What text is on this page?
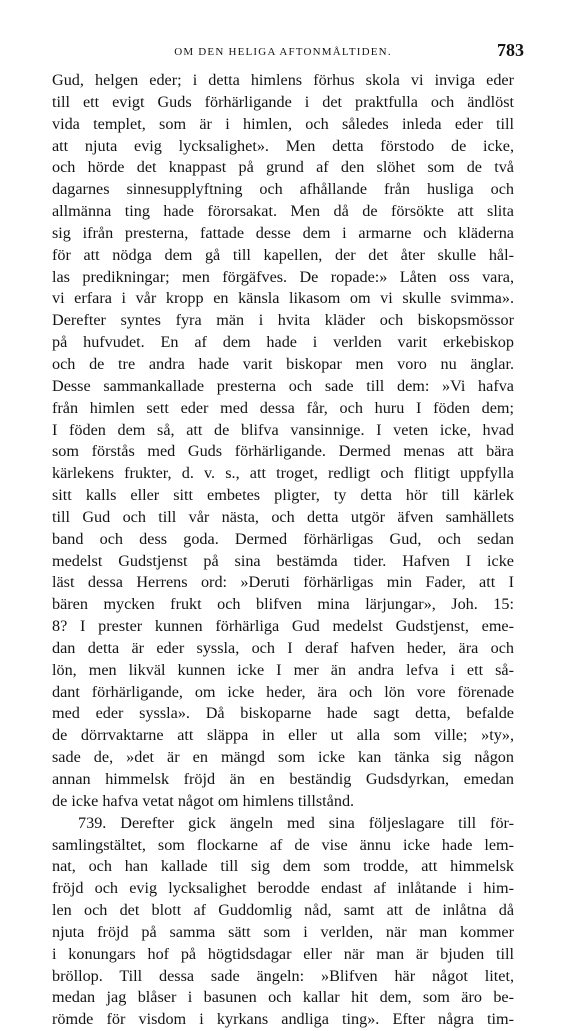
OM DEN HELIGA AFTONMÅLTIDEN.	783
Gud, helgen eder; i detta himlens förhus skola vi inviga eder
till ett evigt Guds förhärligande i det praktfulla och ändlöst
vida templet, som är i himlen, och således inleda eder till
att njuta evig lycksalighet». Men detta förstodo de icke,
och hörde det knappast på grund af den slöhet som de två
dagarnes sinnesupplyftning och afhållande från husliga och
allmänna ting hade förorsakat. Men då de försökte att slita
sig ifrån presterna, fattade desse dem i armarne och kläderna
för att nödga dem gå till kapellen, der det åter skulle hål-
las predikningar; men förgäfves. De ropade:» Låten oss vara,
vi erfara i vår kropp en känsla likasom om vi skulle svimma».
Derefter syntes fyra män i hvita kläder och biskopsmössor
på hufvudet. En af dem hade i verlden varit erkebiskop
och de tre andra hade varit biskopar men voro nu änglar.
Desse sammankallade presterna och sade till dem: »Vi hafva
från himlen sett eder med dessa får, och huru I föden dem;
I föden dem så, att de blifva vansinnige. I veten icke, hvad
som förstås med Guds förhärligande. Dermed menas att bära
kärlekens frukter, d. v. s., att troget, redligt och flitigt uppfylla
sitt kalls eller sitt embetes pligter, ty detta hör till kärlek
till Gud och till vår nästa, och detta utgör äfven samhällets
band och dess goda. Dermed förhärligas Gud, och sedan
medelst Gudstjenst på sina bestämda tider. Hafven I icke
läst dessa Herrens ord: »Deruti förhärligas min Fader, att I
bären mycken frukt och blifven mina lärjungar», Joh. 15:
8? I prester kunnen förhärliga Gud medelst Gudstjenst, eme-
dan detta är eder syssla, och I deraf hafven heder, ära och
lön, men likväl kunnen icke I mer än andra lefva i ett så-
dant förhärligande, om icke heder, ära och lön vore förenade
med eder syssla». Då biskoparne hade sagt detta, befalde
de dörrvaktarne att släppa in eller ut alla som ville; »ty»,
sade de, »det är en mängd som icke kan tänka sig någon
annan himmelsk fröjd än en beständig Gudsdyrkan, emedan
de icke hafva vetat något om himlens tillstånd.
739. Derefter gick ängeln med sina följeslagare till för-
samlingstältet, som flockarne af de vise ännu icke hade lem-
nat, och han kallade till sig dem som trodde, att himmelsk
fröjd och evig lycksalighet berodde endast af inlåtande i him-
len och det blott af Guddomlig nåd, samt att de inlåtna då
njuta fröjd på samma sätt som i verlden, när man kommer
i konungars hof på högtidsdagar eller när man är bjuden till
bröllop. Till dessa sade ängeln: »Blifven här något litet,
medan jag blåser i basunen och kallar hit dem, som äro be-
römde för visdom i kyrkans andliga ting». Efter några tim-
